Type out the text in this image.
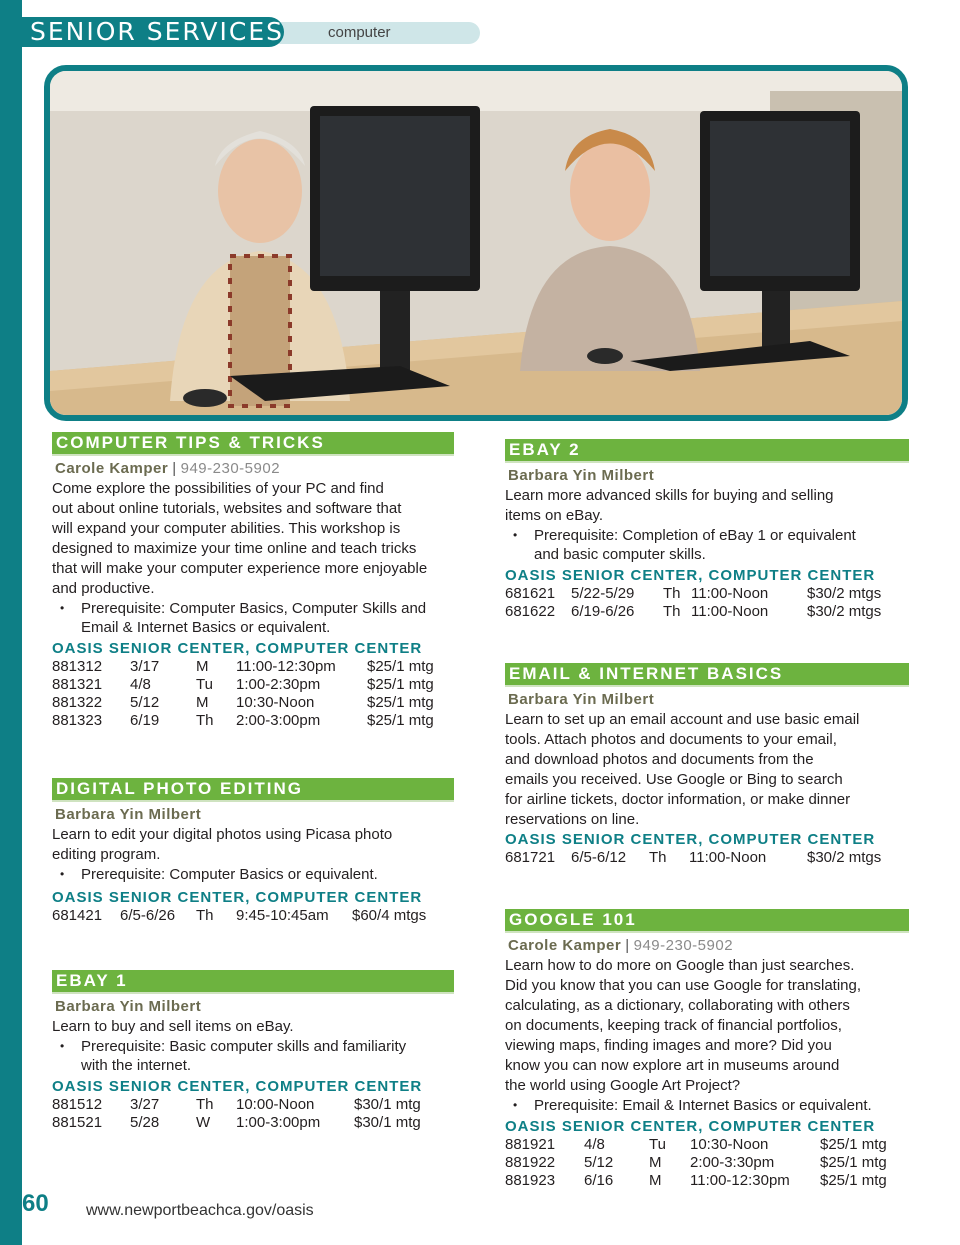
computer
SENIOR SERVICES
COMPUTER TIPS & TRICKS
Carole Kamper | 949-230-5902
Come explore the possibilities of your PC and find
out about online tutorials, websites and software that
will expand your computer abilities. This workshop is
designed to maximize your time online and teach tricks
that will make your computer experience more enjoyable
and productive.
• Prerequisite: Computer Basics, Computer Skills and
Email & Internet Basics or equivalent.
OASIS SENIOR CENTER, COMPUTER CENTER
881312	3/17	M	11:00-12:30pm	$25/1 mtg
881321	4/8	Tu	1:00-2:30pm	$25/1 mtg
881322	5/12	M	10:30-Noon	$25/1 mtg
881323	6/19	Th	2:00-3:00pm	$25/1 mtg
DIGITAL PHOTO EDITING
Barbara Yin Milbert
Learn to edit your digital photos using Picasa photo
editing program.
• Prerequisite: Computer Basics or equivalent.
OASIS SENIOR CENTER, COMPUTER CENTER
681421	6/5-6/26	Th	9:45-10:45am	$60/4 mtgs
EBAY 1
Barbara Yin Milbert
Learn to buy and sell items on eBay.
• Prerequisite: Basic computer skills and familiarity
with the internet.
OASIS SENIOR CENTER, COMPUTER CENTER
881512	3/27	Th	10:00-Noon	$30/1 mtg
881521	5/28	W	1:00-3:00pm	$30/1 mtg
EBAY 2
Barbara Yin Milbert
Learn more advanced skills for buying and selling
items on eBay.
• Prerequisite: Completion of eBay 1 or equivalent
and basic computer skills.
OASIS SENIOR CENTER, COMPUTER CENTER
681621	5/22-5/29	Th	11:00-Noon	$30/2 mtgs
681622	6/19-6/26	Th	11:00-Noon	$30/2 mtgs
EMAIL & INTERNET BASICS
Barbara Yin Milbert
Learn to set up an email account and use basic email
tools. Attach photos and documents to your email,
and download photos and documents from the
emails you received. Use Google or Bing to search
for airline tickets, doctor information, or make dinner
reservations on line.
OASIS SENIOR CENTER, COMPUTER CENTER
681721	6/5-6/12	Th	11:00-Noon	$30/2 mtgs
GOOGLE 101
Carole Kamper | 949-230-5902
Learn how to do more on Google than just searches.
Did you know that you can use Google for translating,
calculating, as a dictionary, collaborating with others
on documents, keeping track of financial portfolios,
viewing maps, finding images and more? Did you
know you can now explore art in museums around
the world using Google Art Project?
• Prerequisite: Email & Internet Basics or equivalent.
OASIS SENIOR CENTER, COMPUTER CENTER
881921	4/8	Tu	10:30-Noon	$25/1 mtg
881922	5/12	M	2:00-3:30pm	$25/1 mtg
881923	6/16	M	11:00-12:30pm	$25/1 mtg
60 www.newportbeachca.gov/oasis
